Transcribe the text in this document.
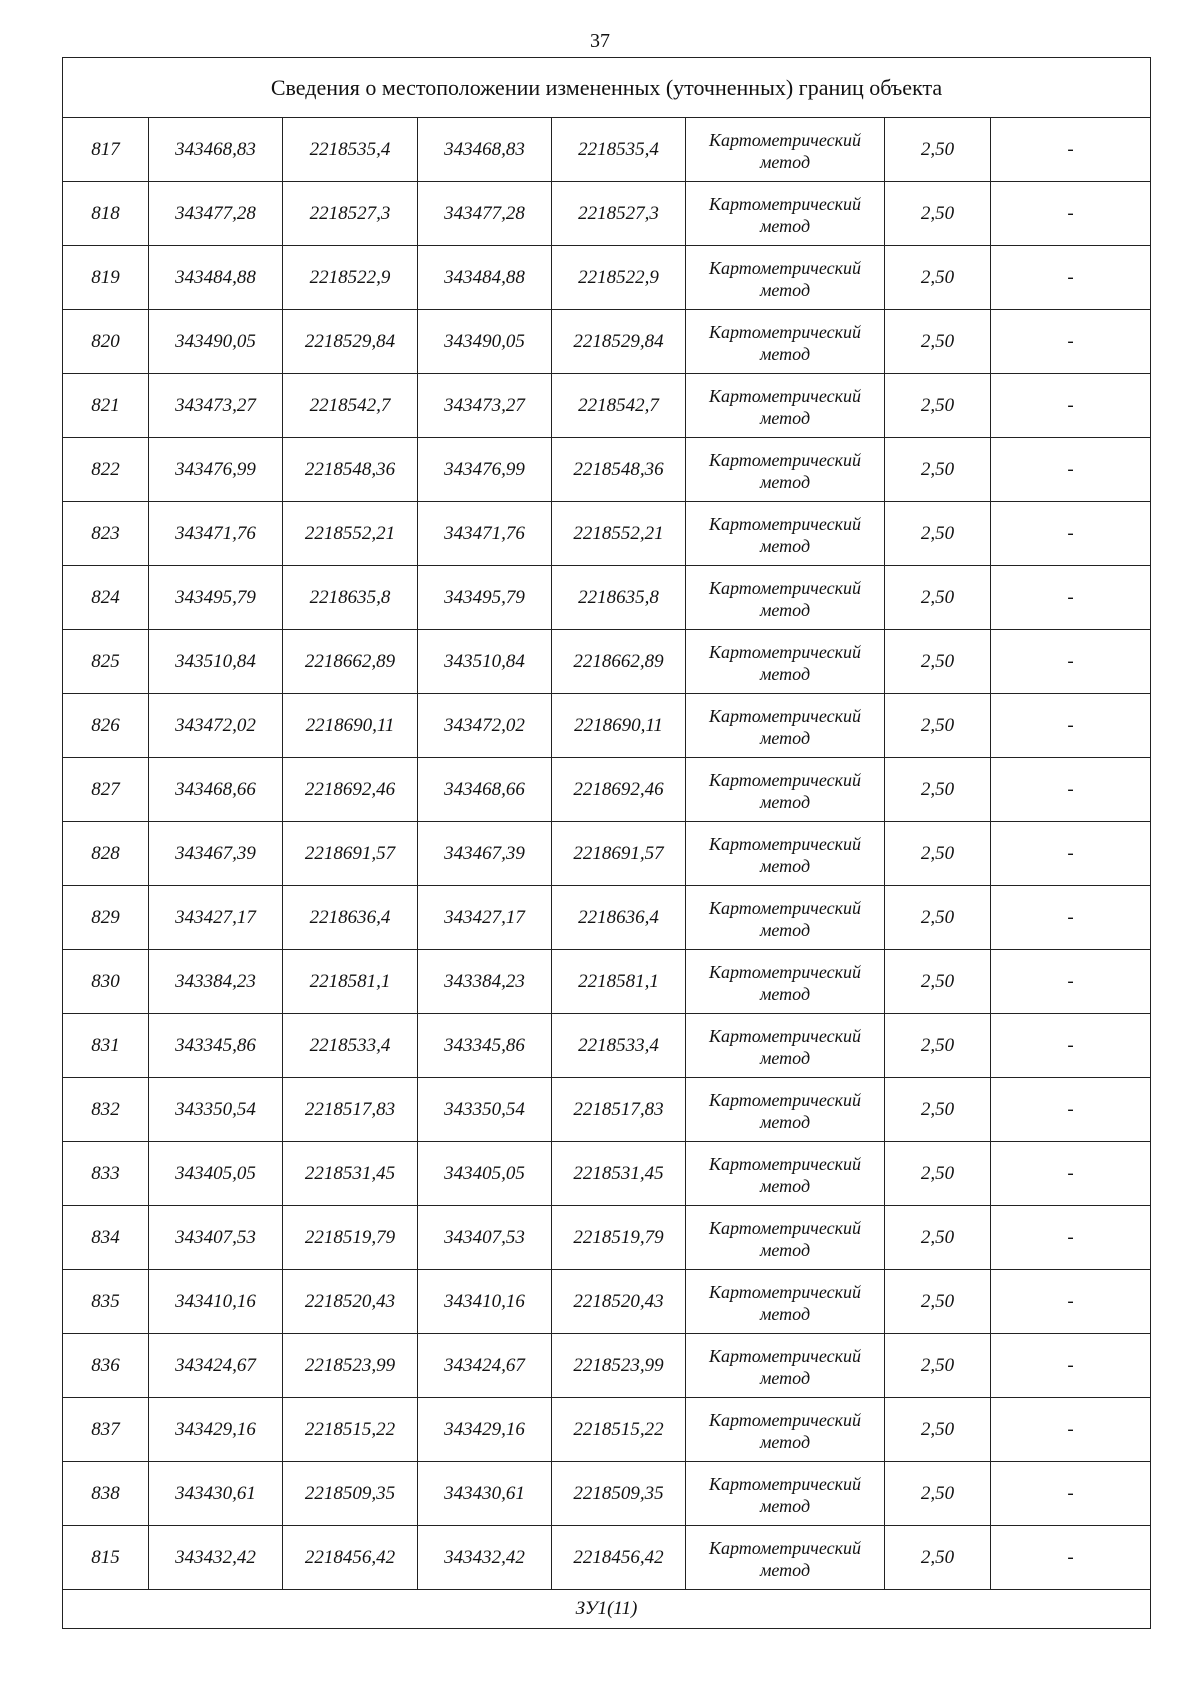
37
Сведения о местоположении измененных (уточненных) границ объекта							
817	343468,83	2218535,4	343468,83	2218535,4	Картометрический
метод	2,50	-
818	343477,28	2218527,3	343477,28	2218527,3	Картометрический
метод	2,50	-
819	343484,88	2218522,9	343484,88	2218522,9	Картометрический
метод	2,50	-
820	343490,05	2218529,84	343490,05	2218529,84	Картометрический
метод	2,50	-
821	343473,27	2218542,7	343473,27	2218542,7	Картометрический
метод	2,50	-
822	343476,99	2218548,36	343476,99	2218548,36	Картометрический
метод	2,50	-
823	343471,76	2218552,21	343471,76	2218552,21	Картометрический
метод	2,50	-
824	343495,79	2218635,8	343495,79	2218635,8	Картометрический
метод	2,50	-
825	343510,84	2218662,89	343510,84	2218662,89	Картометрический
метод	2,50	-
826	343472,02	2218690,11	343472,02	2218690,11	Картометрический
метод	2,50	-
827	343468,66	2218692,46	343468,66	2218692,46	Картометрический
метод	2,50	-
828	343467,39	2218691,57	343467,39	2218691,57	Картометрический
метод	2,50	-
829	343427,17	2218636,4	343427,17	2218636,4	Картометрический
метод	2,50	-
830	343384,23	2218581,1	343384,23	2218581,1	Картометрический
метод	2,50	-
831	343345,86	2218533,4	343345,86	2218533,4	Картометрический
метод	2,50	-
832	343350,54	2218517,83	343350,54	2218517,83	Картометрический
метод	2,50	-
833	343405,05	2218531,45	343405,05	2218531,45	Картометрический
метод	2,50	-
834	343407,53	2218519,79	343407,53	2218519,79	Картометрический
метод	2,50	-
835	343410,16	2218520,43	343410,16	2218520,43	Картометрический
метод	2,50	-
836	343424,67	2218523,99	343424,67	2218523,99	Картометрический
метод	2,50	-
837	343429,16	2218515,22	343429,16	2218515,22	Картометрический
метод	2,50	-
838	343430,61	2218509,35	343430,61	2218509,35	Картометрический
метод	2,50	-
815	343432,42	2218456,42	343432,42	2218456,42	Картометрический
метод	2,50	-
ЗУ1(11)							
